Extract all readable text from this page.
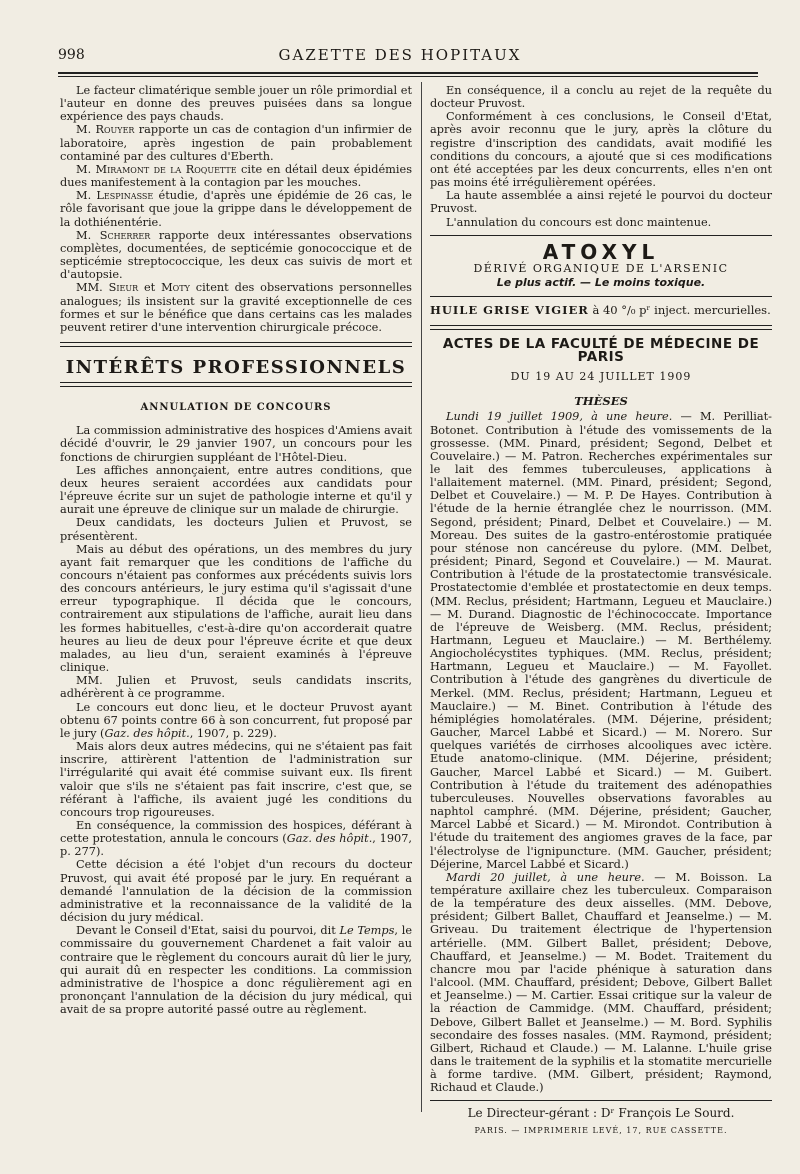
998	GAZETTE DES HOPITAUX

Le facteur climatérique semble jouer un rôle primordial et l'auteur en donne des preuves puisées dans sa longue expérience des pays chauds.

M. Rouyer rapporte un cas de contagion d'un infirmier de laboratoire, après ingestion de pain probablement contaminé par des cultures d'Eberth.

M. Miramont de la Roquette cite en détail deux épidémies dues manifestement à la contagion par les mouches.

M. Lespinasse étudie, d'après une épidémie de 26 cas, le rôle favorisant que joue la grippe dans le développement de la dothiénentérie.

M. Scherrer rapporte deux intéressantes observations complètes, documentées, de septicémie gonococcique et de septicémie streptococcique, les deux cas suivis de mort et d'autopsie.

MM. Sieur et Moty citent des observations personnelles analogues; ils insistent sur la gravité exceptionnelle de ces formes et sur le bénéfice que dans certains cas les malades peuvent retirer d'une intervention chirurgicale précoce.

INTÉRÊTS PROFESSIONNELS
ANNULATION DE CONCOURS

La commission administrative des hospices d'Amiens avait décidé d'ouvrir, le 29 janvier 1907, un concours pour les fonctions de chirurgien suppléant de l'Hôtel-Dieu.

Les affiches annonçaient, entre autres conditions, que deux heures seraient accordées aux candidats pour l'épreuve écrite sur un sujet de pathologie interne et qu'il y aurait une épreuve de clinique sur un malade de chirurgie.

Deux candidats, les docteurs Julien et Pruvost, se présentèrent.

Mais au début des opérations, un des membres du jury ayant fait remarquer que les conditions de l'affiche du concours n'étaient pas conformes aux précédents suivis lors des concours antérieurs, le jury estima qu'il s'agissait d'une erreur typographique. Il décida que le concours, contrairement aux stipulations de l'affiche, aurait lieu dans les formes habituelles, c'est-à-dire qu'on accorderait quatre heures au lieu de deux pour l'épreuve écrite et que deux malades, au lieu d'un, seraient examinés à l'épreuve clinique.

MM. Julien et Pruvost, seuls candidats inscrits, adhérèrent à ce programme.

Le concours eut donc lieu, et le docteur Pruvost ayant obtenu 67 points contre 66 à son concurrent, fut proposé par le jury (Gaz. des hôpit., 1907, p. 229).

Mais alors deux autres médecins, qui ne s'étaient pas fait inscrire, attirèrent l'attention de l'administration sur l'irrégularité qui avait été commise suivant eux. Ils firent valoir que s'ils ne s'étaient pas fait inscrire, c'est que, se référant à l'affiche, ils avaient jugé les conditions du concours trop rigoureuses.

En conséquence, la commission des hospices, déférant à cette protestation, annula le concours (Gaz. des hôpit., 1907, p. 277).

Cette décision a été l'objet d'un recours du docteur Pruvost, qui avait été proposé par le jury. En requérant a demandé l'annulation de la décision de la commission administrative et la reconnaissance de la validité de la décision du jury médical.

Devant le Conseil d'Etat, saisi du pourvoi, dit Le Temps, le commissaire du gouvernement Chardenet a fait valoir au contraire que le règlement du concours aurait dû lier le jury, qui aurait dû en respecter les conditions. La commission administrative de l'hospice a donc régulièrement agi en prononçant l'annulation de la décision du jury médical, qui avait de sa propre autorité passé outre au règlement.

En conséquence, il a conclu au rejet de la requête du docteur Pruvost.

Conformément à ces conclusions, le Conseil d'Etat, après avoir reconnu que le jury, après la clôture du registre d'inscription des candidats, avait modifié les conditions du concours, a ajouté que si ces modifications ont été acceptées par les deux concurrents, elles n'en ont pas moins été irrégulièrement opérées.

La haute assemblée a ainsi rejeté le pourvoi du docteur Pruvost.

L'annulation du concours est donc maintenue.

ATOXYL
DÉRIVÉ ORGANIQUE DE L'ARSENIC
Le plus actif. — Le moins toxique.
HUILE GRISE VIGIER à 40 °/₀ pʳ inject. mercurielles.
ACTES DE LA FACULTÉ DE MÉDECINE DE PARIS
DU 19 AU 24 JUILLET 1909
THÈSES

Lundi 19 juillet 1909, à une heure. — M. Perilliat-Botonet. Contribution à l'étude des vomissements de la grossesse. (MM. Pinard, président; Segond, Delbet et Couvelaire.) — M. Patron. Recherches expérimentales sur le lait des femmes tuberculeuses, applications à l'allaitement maternel. (MM. Pinard, président; Segond, Delbet et Couvelaire.) — M. P. De Hayes. Contribution à l'étude de la hernie étranglée chez le nourrisson. (MM. Segond, président; Pinard, Delbet et Couvelaire.) — M. Moreau. Des suites de la gastro-entérostomie pratiquée pour sténose non cancéreuse du pylore. (MM. Delbet, président; Pinard, Segond et Couvelaire.) — M. Maurat. Contribution à l'étude de la prostatectomie transvésicale. Prostatectomie d'emblée et prostatectomie en deux temps. (MM. Reclus, président; Hartmann, Legueu et Mauclaire.) — M. Durand. Diagnostic de l'échinococcate. Importance de l'épreuve de Weisberg. (MM. Reclus, président; Hartmann, Legueu et Mauclaire.) — M. Berthélemy. Angiocholécystites typhiques. (MM. Reclus, président; Hartmann, Legueu et Mauclaire.) — M. Fayollet. Contribution à l'étude des gangrènes du diverticule de Merkel. (MM. Reclus, président; Hartmann, Legueu et Mauclaire.) — M. Binet. Contribution à l'étude des hémiplégies homolatérales. (MM. Déjerine, président; Gaucher, Marcel Labbé et Sicard.) — M. Norero. Sur quelques variétés de cirrhoses alcooliques avec ictère. Etude anatomo-clinique. (MM. Déjerine, président; Gaucher, Marcel Labbé et Sicard.) — M. Guibert. Contribution à l'étude du traitement des adénopathies tuberculeuses. Nouvelles observations favorables au naphtol camphré. (MM. Déjerine, président; Gaucher, Marcel Labbé et Sicard.) — M. Mirondot. Contribution à l'étude du traitement des angiomes graves de la face, par l'électrolyse de l'ignipuncture. (MM. Gaucher, président; Déjerine, Marcel Labbé et Sicard.)

Mardi 20 juillet, à une heure. — M. Boisson. La température axillaire chez les tuberculeux. Comparaison de la température des deux aisselles. (MM. Debove, président; Gilbert Ballet, Chauffard et Jeanselme.) — M. Griveau. Du traitement électrique de l'hypertension artérielle. (MM. Gilbert Ballet, président; Debove, Chauffard, et Jeanselme.) — M. Bodet. Traitement du chancre mou par l'acide phénique à saturation dans l'alcool. (MM. Chauffard, président; Debove, Gilbert Ballet et Jeanselme.) — M. Cartier. Essai critique sur la valeur de la réaction de Cammidge. (MM. Chauffard, président; Debove, Gilbert Ballet et Jeanselme.) — M. Bord. Syphilis secondaire des fosses nasales. (MM. Raymond, président; Gilbert, Richaud et Claude.) — M. Lalanne. L'huile grise dans le traitement de la syphilis et la stomatite mercurielle à forme tardive. (MM. Gilbert, président; Raymond, Richaud et Claude.)

Le Directeur-gérant : Dʳ François Le Sourd.
PARIS. — IMPRIMERIE LEVÉ, 17, RUE CASSETTE.
